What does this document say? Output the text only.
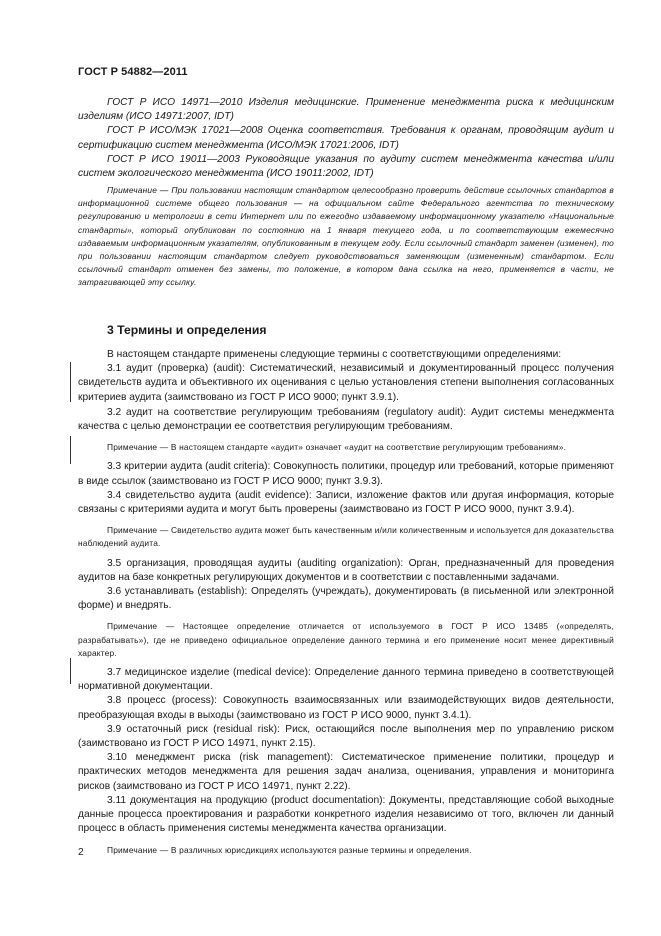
ГОСТ Р 54882—2011

ГОСТ Р ИСО 14971—2010 Изделия медицинские. Применение менеджмента риска к медицинским изделиям (ИСО 14971:2007, IDT)

ГОСТ Р ИСО/МЭК 17021—2008 Оценка соответствия. Требования к органам, проводящим аудит и сертификацию систем менеджмента (ИСО/МЭК 17021:2006, IDT)

ГОСТ Р ИСО 19011—2003 Руководящие указания по аудиту систем менеджмента качества и/или систем экологического менеджмента (ИСО 19011:2002, IDT)

Примечание — При пользовании настоящим стандартом целесообразно проверить действие ссылочных стандартов в информационной системе общего пользования — на официальном сайте Федерального агентства по техническому регулированию и метрологии в сети Интернет или по ежегодно издаваемому информационному указателю «Национальные стандарты», который опубликован по состоянию на 1 января текущего года, и по соответствующим ежемесячно издаваемым информационным указателям, опубликованным в текущем году. Если ссылочный стандарт заменен (изменен), то при пользовании настоящим стандартом следует руководствоваться заменяющим (измененным) стандартом. Если ссылочный стандарт отменен без замены, то положение, в котором дана ссылка на него, применяется в части, не затрагивающей эту ссылку.

3 Термины и определения

В настоящем стандарте применены следующие термины с соответствующими определениями:

3.1 аудит (проверка) (audit): Систематический, независимый и документированный процесс получения свидетельств аудита и объективного их оценивания с целью установления степени выполнения согласованных критериев аудита (заимствовано из ГОСТ Р ИСО 9000; пункт 3.9.1).

3.2 аудит на соответствие регулирующим требованиям (regulatory audit): Аудит системы менеджмента качества с целью демонстрации ее соответствия регулирующим требованиям.

Примечание — В настоящем стандарте «аудит» означает «аудит на соответствие регулирующим требованиям».

3.3 критерии аудита (audit criteria): Совокупность политики, процедур или требований, которые применяют в виде ссылок (заимствовано из ГОСТ Р ИСО 9000; пункт 3.9.3).

3.4 свидетельство аудита (audit evidence): Записи, изложение фактов или другая информация, которые связаны с критериями аудита и могут быть проверены (заимствовано из ГОСТ Р ИСО 9000, пункт 3.9.4).

Примечание — Свидетельство аудита может быть качественным и/или количественным и используется для доказательства наблюдений аудита.

3.5 организация, проводящая аудиты (auditing organization): Орган, предназначенный для проведения аудитов на базе конкретных регулирующих документов и в соответствии с поставленными задачами.

3.6 устанавливать (establish): Определять (учреждать), документировать (в письменной или электронной форме) и внедрять.

Примечание — Настоящее определение отличается от используемого в ГОСТ Р ИСО 13485 («определять, разрабатывать»), где не приведено официальное определение данного термина и его применение носит менее директивный характер.

3.7 медицинское изделие (medical device): Определение данного термина приведено в соответствующей нормативной документации.

3.8 процесс (process): Совокупность взаимосвязанных или взаимодействующих видов деятельности, преобразующая входы в выходы (заимствовано из ГОСТ Р ИСО 9000, пункт 3.4.1).

3.9 остаточный риск (residual risk): Риск, остающийся после выполнения мер по управлению риском (заимствовано из ГОСТ Р ИСО 14971, пункт 2.15).

3.10 менеджмент риска (risk management): Систематическое применение политики, процедур и практических методов менеджмента для решения задач анализа, оценивания, управления и мониторинга рисков (заимствовано из ГОСТ Р ИСО 14971, пункт 2.22).

3.11 документация на продукцию (product documentation): Документы, представляющие собой выходные данные процесса проектирования и разработки конкретного изделия независимо от того, включен ли данный процесс в область применения системы менеджмента качества организации.

Примечание — В различных юрисдикциях используются разные термины и определения.

2
